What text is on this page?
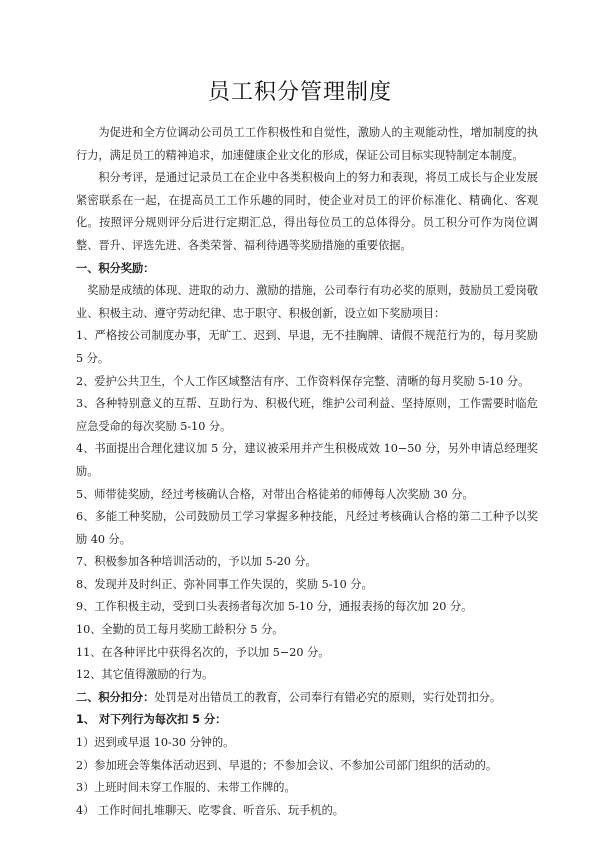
员工积分管理制度

为促进和全方位调动公司员工工作积极性和自觉性，激励人的主观能动性，增加制度的执行力，满足员工的精神追求，加速健康企业文化的形成，保证公司目标实现特制定本制度。

积分考评，是通过记录员工在企业中各类积极向上的努力和表现，将员工成长与企业发展紧密联系在一起，在提高员工工作乐趣的同时，使企业对员工的评价标准化、精确化、客观化。按照评分规则评分后进行定期汇总，得出每位员工的总体得分。员工积分可作为岗位调整、晋升、评选先进、各类荣誉、福利待遇等奖励措施的重要依据。

一、积分奖励：

奖励是成绩的体现、进取的动力、激励的措施，公司奉行有功必奖的原则，鼓励员工爱岗敬业、积极主动、遵守劳动纪律、忠于职守、积极创新，设立如下奖励项目：

1、严格按公司制度办事，无旷工、迟到、早退，无不挂胸牌、请假不规范行为的，每月奖励 5 分。

2、爱护公共卫生，个人工作区域整洁有序、工作资料保存完整、清晰的每月奖励 5-10 分。

3、各种特别意义的互帮、互助行为、积极代班，维护公司利益、坚持原则，工作需要时临危应急受命的每次奖励 5-10 分。

4、书面提出合理化建议加 5 分，建议被采用并产生积极成效 10−50 分，另外申请总经理奖励。

5、师带徒奖励，经过考核确认合格，对带出合格徒弟的师傅每人次奖励 30 分。

6、多能工种奖励，公司鼓励员工学习掌握多种技能，凡经过考核确认合格的第二工种予以奖励 40 分。

7、积极参加各种培训活动的，予以加 5-20 分。

8、发现并及时纠正、弥补同事工作失误的，奖励 5-10 分。

9、工作积极主动，受到口头表扬者每次加 5-10 分，通报表扬的每次加 20 分。

10、全勤的员工每月奖励工龄积分 5 分。

11、在各种评比中获得名次的，予以加 5−20 分。

12、其它值得激励的行为。

二、积分扣分：处罚是对出错员工的教育，公司奉行有错必究的原则，实行处罚扣分。
1、 对下列行为每次扣 5 分：

1）迟到或早退 10-30 分钟的。

2）参加班会等集体活动迟到、早退的；不参加会议、不参加公司部门组织的活动的。

3）上班时间未穿工作服的、未带工作牌的。

4） 工作时间扎堆聊天、吃零食、听音乐、玩手机的。
